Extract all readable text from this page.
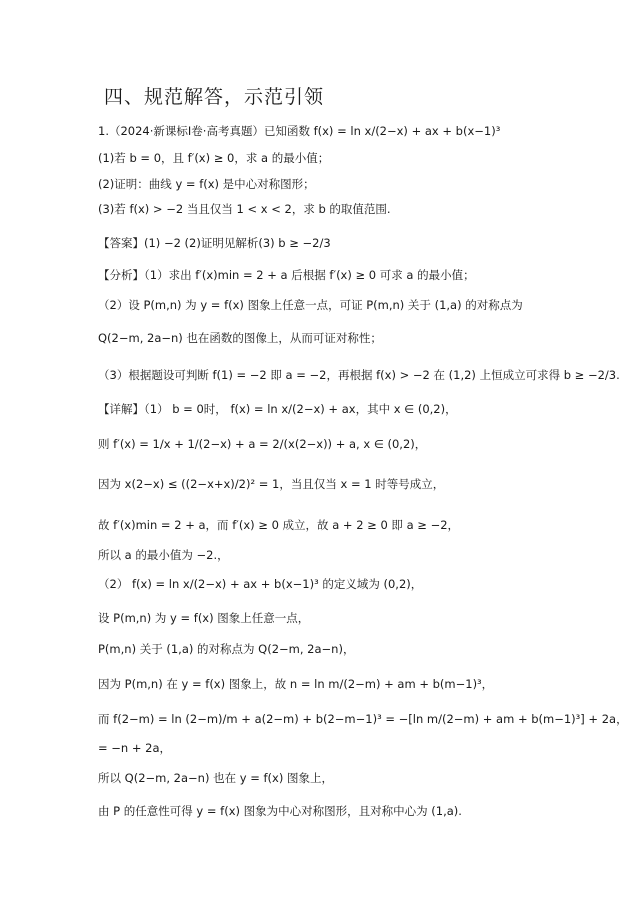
四、规范解答，示范引领
1.（2024·新课标Ⅰ卷·高考真题）已知函数 f(x) = ln x/(2−x) + ax + b(x−1)³
(1)若 b = 0，且 f′(x) ≥ 0，求 a 的最小值；
(2)证明：曲线 y = f(x) 是中心对称图形；
(3)若 f(x) > −2 当且仅当 1 < x < 2，求 b 的取值范围.
【答案】(1) −2 (2)证明见解析(3) b ≥ −2/3
【分析】（1）求出 f′(x)min = 2 + a 后根据 f′(x) ≥ 0 可求 a 的最小值；
（2）设 P(m,n) 为 y = f(x) 图象上任意一点，可证 P(m,n) 关于 (1,a) 的对称点为
Q(2−m, 2a−n) 也在函数的图像上，从而可证对称性；
（3）根据题设可判断 f(1) = −2 即 a = −2，再根据 f(x) > −2 在 (1,2) 上恒成立可求得 b ≥ −2/3.
【详解】（1） b = 0时， f(x) = ln x/(2−x) + ax，其中 x ∈ (0,2)，
则 f′(x) = 1/x + 1/(2−x) + a = 2/(x(2−x)) + a, x ∈ (0,2)，
因为 x(2−x) ≤ ((2−x+x)/2)² = 1，当且仅当 x = 1 时等号成立，
故 f′(x)min = 2 + a，而 f′(x) ≥ 0 成立，故 a + 2 ≥ 0 即 a ≥ −2，
所以 a 的最小值为 −2.，
（2） f(x) = ln x/(2−x) + ax + b(x−1)³ 的定义域为 (0,2)，
设 P(m,n) 为 y = f(x) 图象上任意一点，
P(m,n) 关于 (1,a) 的对称点为 Q(2−m, 2a−n)，
因为 P(m,n) 在 y = f(x) 图象上，故 n = ln m/(2−m) + am + b(m−1)³，
而 f(2−m) = ln (2−m)/m + a(2−m) + b(2−m−1)³ = −[ln m/(2−m) + am + b(m−1)³] + 2a，
= −n + 2a，
所以 Q(2−m, 2a−n) 也在 y = f(x) 图象上，
由 P 的任意性可得 y = f(x) 图象为中心对称图形，且对称中心为 (1,a).
